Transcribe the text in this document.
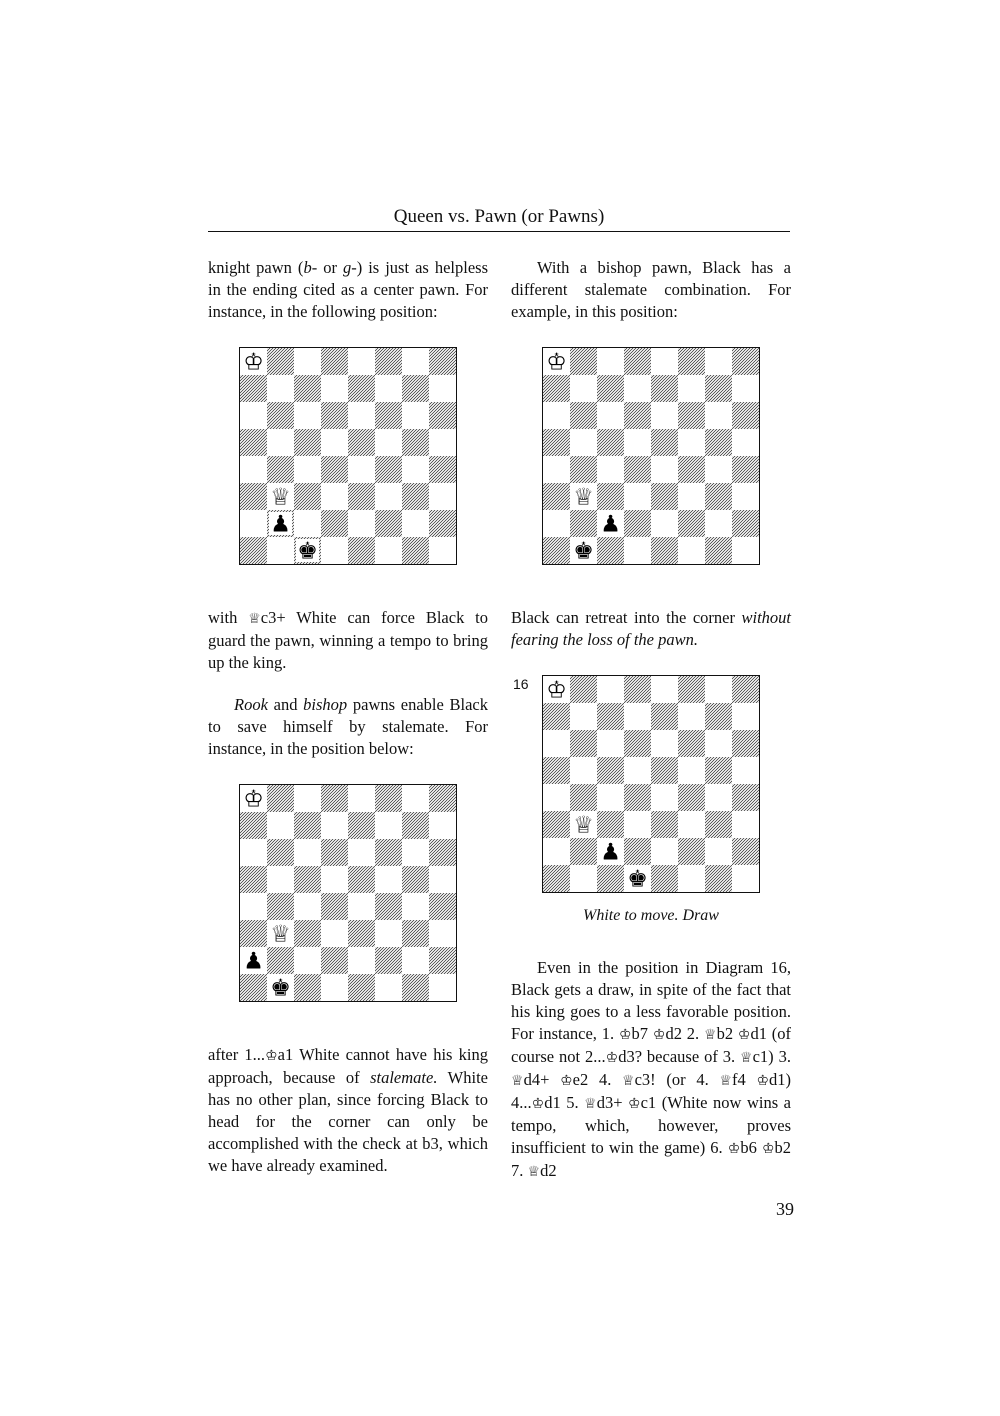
Queen vs. Pawn (or Pawns)

knight pawn (b- or g-) is just as helpless in the ending cited as a center pawn. For instance, in the following position:

With a bishop pawn, Black has a different stalemate combination. For example, in this position:

♔
♕
♟
♚
♔
♕
♟
♚

with ♕c3+ White can force Black to guard the pawn, winning a tempo to bring up the king.

Black can retreat into the corner without fearing the loss of the pawn.

Rook and bishop pawns enable Black to save himself by stalemate. For instance, in the position below:

16 ♔
♕
♟
♚
White to move. Draw
♔
♕
♟
♚

after 1...♔a1 White cannot have his king approach, because of stalemate. White has no other plan, since forcing Black to head for the corner can only be accomplished with the check at b3, which we have already examined.

Even in the position in Diagram 16, Black gets a draw, in spite of the fact that his king goes to a less favorable position. For instance, 1. ♔b7 ♔d2 2. ♕b2 ♔d1 (of course not 2...♔d3? because of 3. ♕c1) 3. ♕d4+ ♔e2 4. ♕c3! (or 4. ♕f4 ♔d1) 4...♔d1 5. ♕d3+ ♔c1 (White now wins a tempo, which, however, proves insufficient to win the game) 6. ♔b6 ♔b2 7. ♕d2

39
